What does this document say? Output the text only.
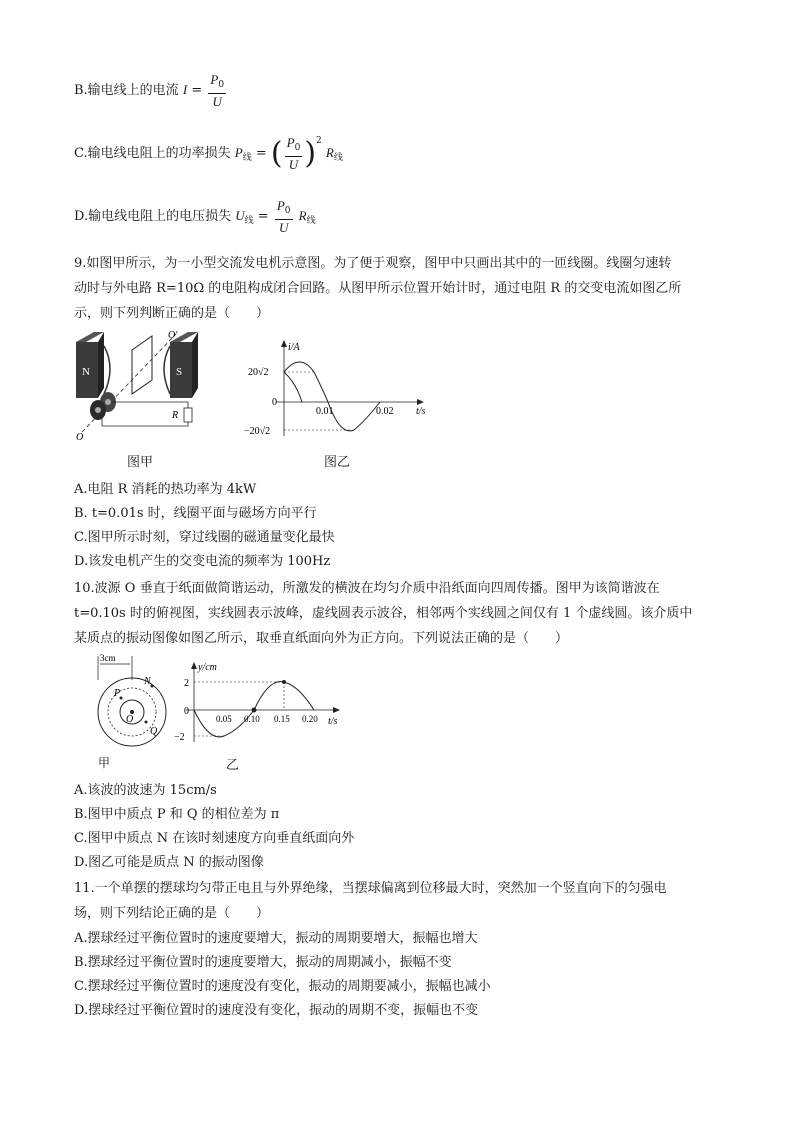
B.输电线上的电流 $I = \frac{P_0}{U}$
C.输电线电阻上的功率损失 $P_线$ = ( $\frac{P_0}{U} )^2$ $R_线$
D.输电线电阻上的电压损失 $U_线 = \frac{P_0}{U} R_线$
9.如图甲所示，为一小型交流发电机示意图。为了便于观察，图甲中只画出其中的一匝线圈。线圈匀速转
动时与外电路 R=10Ω 的电阻构成闭合回路。从图甲所示位置开始计时，通过电阻 R 的交变电流如图乙所
示，则下列判断正确的是（　　）
N	S
O'
O
R
图甲
i/A
t/s
20√2
0
−20√2
0.01	0.02
图乙
A.电阻 R 消耗的热功率为 4kW
B. t=0.01s 时，线圈平面与磁场方向平行
C.图甲所示时刻，穿过线圈的磁通量变化最快
D.该发电机产生的交变电流的频率为 100Hz
10.波源 O 垂直于纸面做简谐运动，所激发的横波在均匀介质中沿纸面向四周传播。图甲为该简谐波在
t=0.10s 时的俯视图，实线圆表示波峰，虚线圆表示波谷，相邻两个实线圆之间仅有 1 个虚线圆。该介质中
某质点的振动图像如图乙所示，取垂直纸面向外为正方向。下列说法正确的是（　　）
3cm
O
P
N
Q
甲
y/cm
t/s
2
0
−2
0.05 0.10 0.15 0.20
乙
A.该波的波速为 15cm/s
B.图甲中质点 P 和 Q 的相位差为 π
C.图甲中质点 N 在该时刻速度方向垂直纸面向外
D.图乙可能是质点 N 的振动图像
11.一个单摆的摆球均匀带正电且与外界绝缘，当摆球偏离到位移最大时，突然加一个竖直向下的匀强电
场，则下列结论正确的是（　　）
A.摆球经过平衡位置时的速度要增大，振动的周期要增大，振幅也增大
B.摆球经过平衡位置时的速度要增大，振动的周期减小，振幅不变
C.摆球经过平衡位置时的速度没有变化，振动的周期要减小，振幅也减小
D.摆球经过平衡位置时的速度没有变化，振动的周期不变，振幅也不变
